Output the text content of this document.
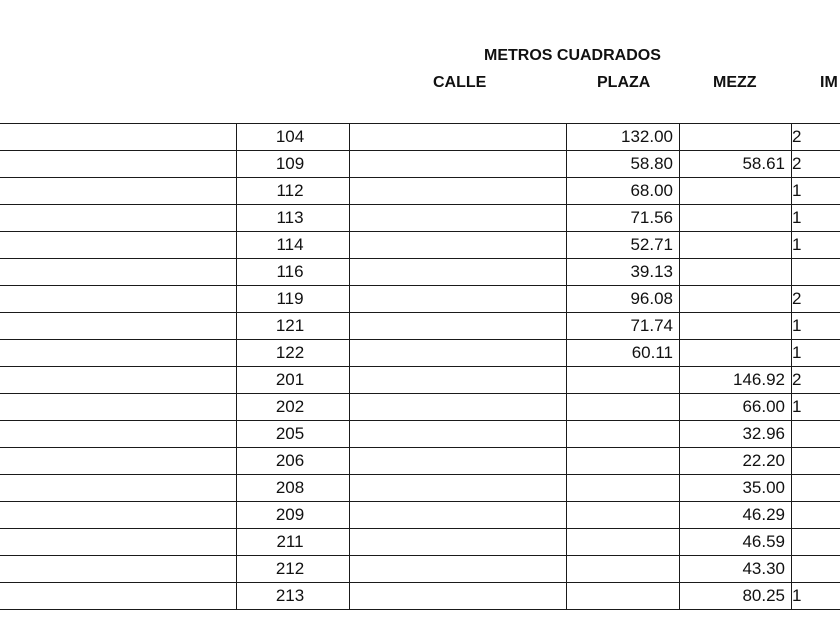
METROS CUADRADOS
CALLE	PLAZA	MEZZ	IM
	104		132.00		2
	109		58.80	58.61	2
	112		68.00		1
	113		71.56		1
	114		52.71		1
	116		39.13		
	119		96.08		2
	121		71.74		1
	122		60.11		1
	201			146.92	2
	202			66.00	1
	205			32.96	
	206			22.20	
	208			35.00	
	209			46.29	
	211			46.59	
	212			43.30	
	213			80.25	1
